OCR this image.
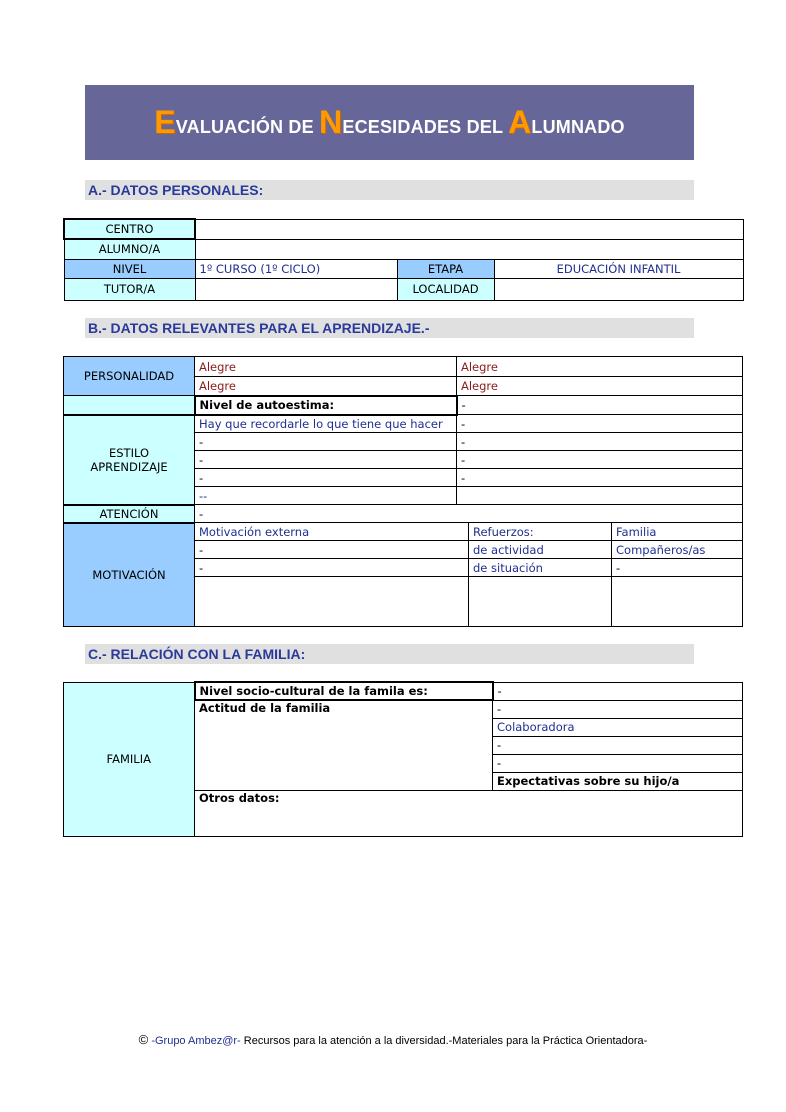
EVALUACIÓN DE NECESIDADES DEL ALUMNADO
A.- DATOS PERSONALES:
CENTRO			
ALUMNO/A			
NIVEL	1º CURSO (1º CICLO)	ETAPA	EDUCACIÓN INFANTIL
TUTOR/A		LOCALIDAD	
B.- DATOS RELEVANTES PARA EL APRENDIZAJE.-
PERSONALIDAD	Alegre	Alegre		
	Alegre	Alegre		
	Nivel de autoestima:	-		

ESTILO
APRENDIZAJE	Hay que recordarle lo que tiene que hacer	-		
	-	-		
	-	-		
	-	-		
	--			
ATENCIÓN	-			
MOTIVACIÓN	Motivación externa		Refuerzos:	Familia
	-		de actividad	Compañeros/as
	-		de situación	-

C.- RELACIÓN CON LA FAMILIA:
FAMILIA	Nivel socio-cultural de la famila es:	-	
	Actitud de la familia	-	
		Colaboradora	
		-	
		-	
		Expectativas sobre su hijo/a	
	Otros datos:		
© -Grupo Ambez@r- Recursos para la atención a la diversidad.-Materiales para la Práctica Orientadora-
